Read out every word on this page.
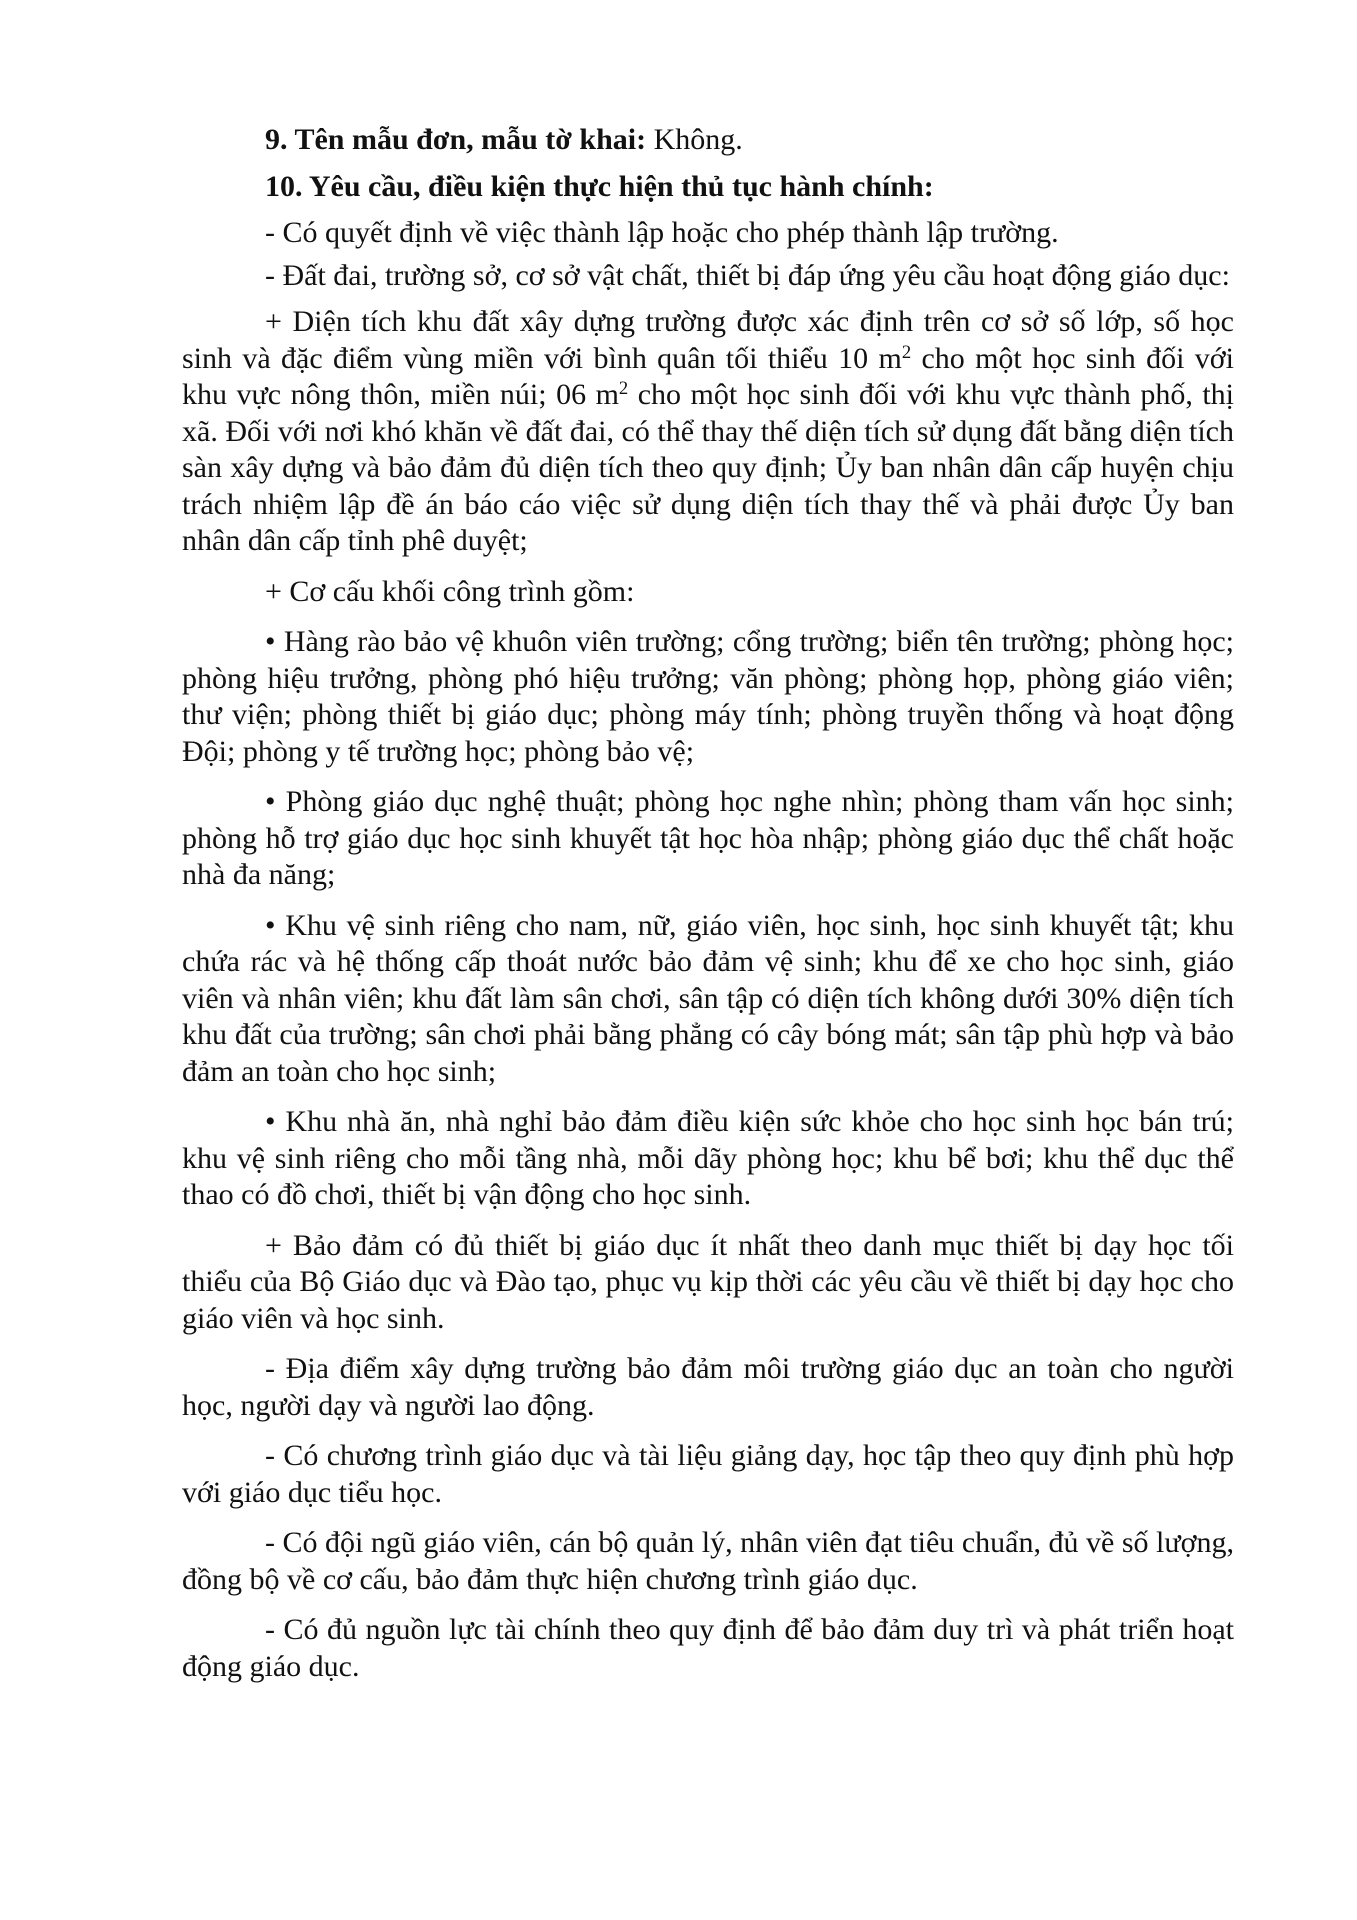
9. Tên mẫu đơn, mẫu tờ khai: Không.

10. Yêu cầu, điều kiện thực hiện thủ tục hành chính:

- Có quyết định về việc thành lập hoặc cho phép thành lập trường.

- Đất đai, trường sở, cơ sở vật chất, thiết bị đáp ứng yêu cầu hoạt động giáo dục:

+ Diện tích khu đất xây dựng trường được xác định trên cơ sở số lớp, số học sinh và đặc điểm vùng miền với bình quân tối thiểu 10 $m^2$ cho một học sinh đối với khu vực nông thôn, miền núi; 06 $m^2$ cho một học sinh đối với khu vực thành phố, thị xã. Đối với nơi khó khăn về đất đai, có thể thay thế diện tích sử dụng đất bằng diện tích sàn xây dựng và bảo đảm đủ diện tích theo quy định; Ủy ban nhân dân cấp huyện chịu trách nhiệm lập đề án báo cáo việc sử dụng diện tích thay thế và phải được Ủy ban nhân dân cấp tỉnh phê duyệt;

+ Cơ cấu khối công trình gồm:

• Hàng rào bảo vệ khuôn viên trường; cổng trường; biển tên trường; phòng học; phòng hiệu trưởng, phòng phó hiệu trưởng; văn phòng; phòng họp, phòng giáo viên; thư viện; phòng thiết bị giáo dục; phòng máy tính; phòng truyền thống và hoạt động Đội; phòng y tế trường học; phòng bảo vệ;

• Phòng giáo dục nghệ thuật; phòng học nghe nhìn; phòng tham vấn học sinh; phòng hỗ trợ giáo dục học sinh khuyết tật học hòa nhập; phòng giáo dục thể chất hoặc nhà đa năng;

• Khu vệ sinh riêng cho nam, nữ, giáo viên, học sinh, học sinh khuyết tật; khu chứa rác và hệ thống cấp thoát nước bảo đảm vệ sinh; khu để xe cho học sinh, giáo viên và nhân viên; khu đất làm sân chơi, sân tập có diện tích không dưới 30% diện tích khu đất của trường; sân chơi phải bằng phẳng có cây bóng mát; sân tập phù hợp và bảo đảm an toàn cho học sinh;

• Khu nhà ăn, nhà nghỉ bảo đảm điều kiện sức khỏe cho học sinh học bán trú; khu vệ sinh riêng cho mỗi tầng nhà, mỗi dãy phòng học; khu bể bơi; khu thể dục thể thao có đồ chơi, thiết bị vận động cho học sinh.

+ Bảo đảm có đủ thiết bị giáo dục ít nhất theo danh mục thiết bị dạy học tối thiểu của Bộ Giáo dục và Đào tạo, phục vụ kịp thời các yêu cầu về thiết bị dạy học cho giáo viên và học sinh.

- Địa điểm xây dựng trường bảo đảm môi trường giáo dục an toàn cho người học, người dạy và người lao động.

- Có chương trình giáo dục và tài liệu giảng dạy, học tập theo quy định phù hợp với giáo dục tiểu học.

- Có đội ngũ giáo viên, cán bộ quản lý, nhân viên đạt tiêu chuẩn, đủ về số lượng, đồng bộ về cơ cấu, bảo đảm thực hiện chương trình giáo dục.

- Có đủ nguồn lực tài chính theo quy định để bảo đảm duy trì và phát triển hoạt động giáo dục.
